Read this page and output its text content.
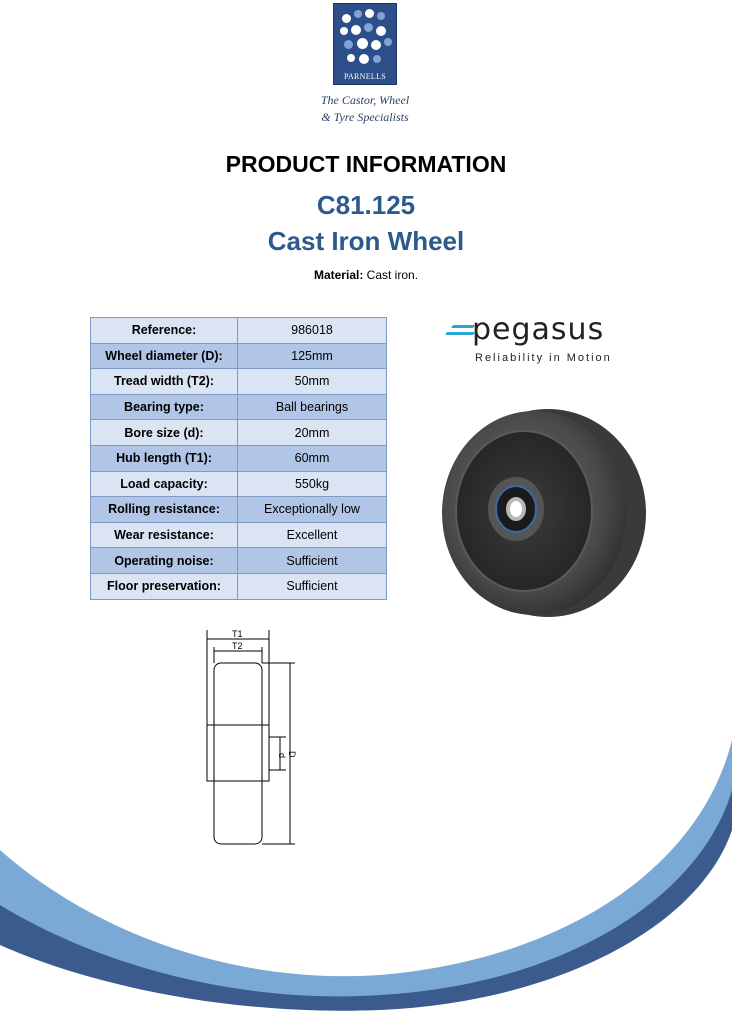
PARNELLS
The Castor, Wheel
& Tyre Specialists
PRODUCT INFORMATION
C81.125
Cast Iron Wheel
Material: Cast iron.
Reference:	986018
Wheel diameter (D):	125mm
Tread width (T2):	50mm
Bearing type:	Ball bearings
Bore size (d):	20mm
Hub length (T1):	60mm
Load capacity:	550kg
Rolling resistance:	Exceptionally low
Wear resistance:	Excellent
Operating noise:	Sufficient
Floor preservation:	Sufficient
pegasus
Reliability in Motion
T1
T2
d D
